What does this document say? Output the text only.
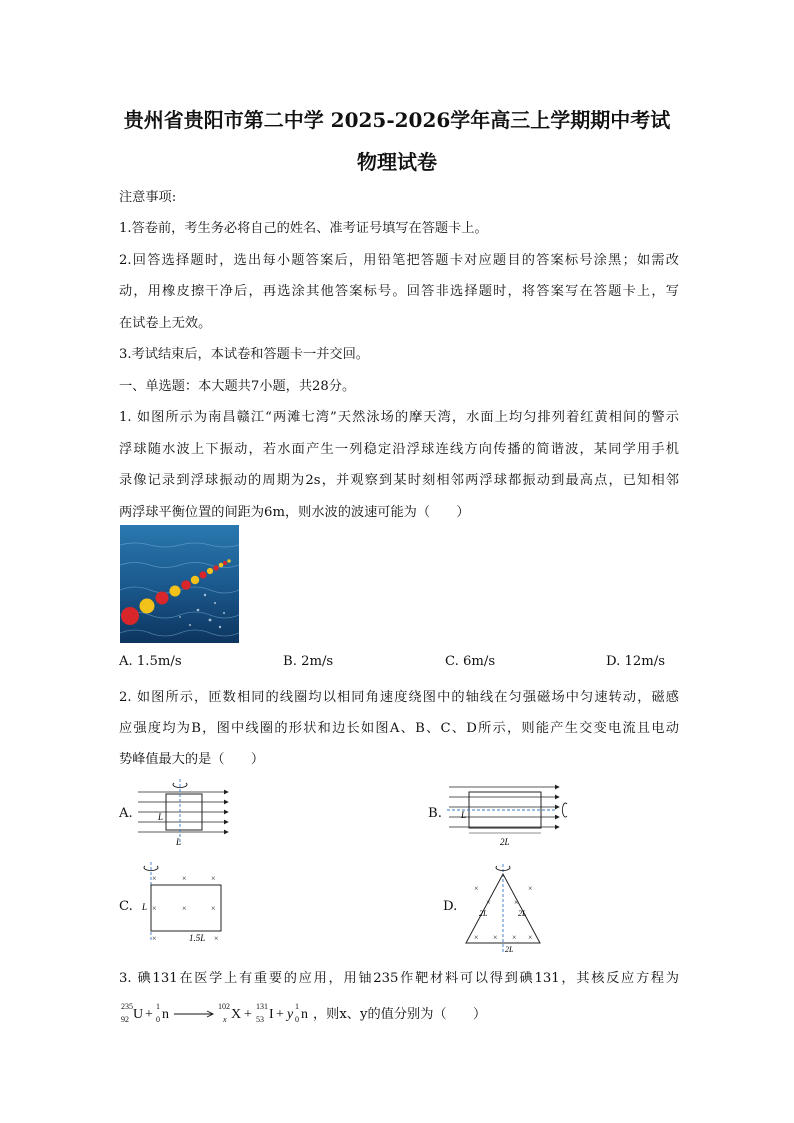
贵州省贵阳市第二中学 2025-2026学年高三上学期期中考试
物理试卷
注意事项:
1.答卷前，考生务必将自己的姓名、准考证号填写在答题卡上。
2.回答选择题时，选出每小题答案后，用铅笔把答题卡对应题目的答案标号涂黑；如需改
动，用橡皮擦干净后，再选涂其他答案标号。回答非选择题时，将答案写在答题卡上，写
在试卷上无效。
3.考试结束后，本试卷和答题卡一并交回。
一、单选题：本大题共7小题，共28分。
1. 如图所示为南昌赣江“两滩七湾”天然泳场的摩天湾，水面上均匀排列着红黄相间的警示
浮球随水波上下振动，若水面产生一列稳定沿浮球连线方向传播的简谐波，某同学用手机
录像记录到浮球振动的周期为2s，并观察到某时刻相邻两浮球都振动到最高点，已知相邻
两浮球平衡位置的间距为6m，则水波的波速可能为（　　）
A. 1.5m/s	B. 2m/s	C. 6m/s	D. 12m/s
2. 如图所示，匝数相同的线圈均以相同角速度绕图中的轴线在匀强磁场中匀速转动，磁感
应强度均为B，图中线圈的形状和边长如图A、B、C、D所示，则能产生交变电流且电动
势峰值最大的是（　　）
A.	L
L
B. L
2L
C.
×	×	×
×	×	×
×	×
L
1.5L
D.
×	×
×	×
× × × ×
2L	2L
2L
3. 碘131在医学上有重要的应用，用铀235作靶材料可以得到碘131，其核反应方程为
235
92 U +
1
0 n
102
x X +
131
53 I + y
1
0 n ，则x、y的值分别为（　　）
